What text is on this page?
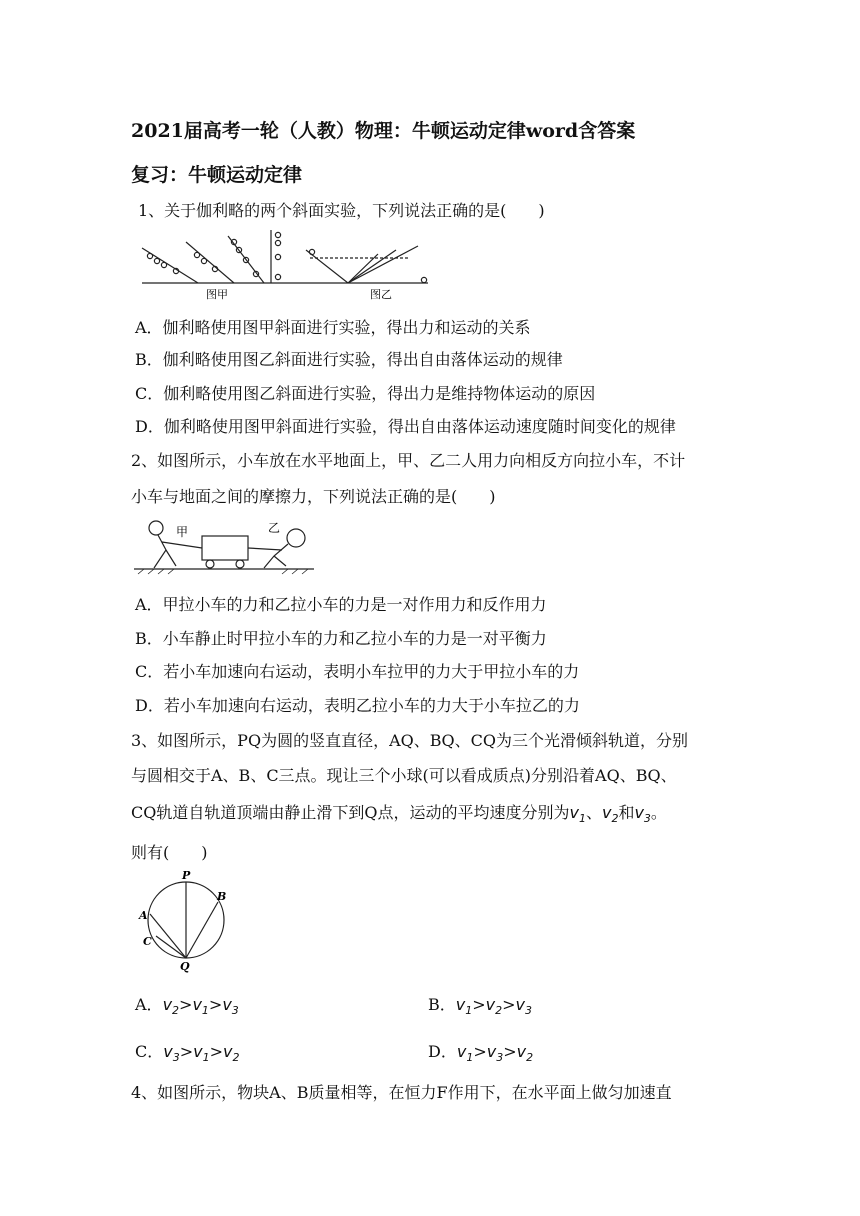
2021届高考一轮（人教）物理：牛顿运动定律word含答案
复习：牛顿运动定律
1、关于伽利略的两个斜面实验，下列说法正确的是(　　)
图甲	图乙
A．伽利略使用图甲斜面进行实验，得出力和运动的关系
B．伽利略使用图乙斜面进行实验，得出自由落体运动的规律
C．伽利略使用图乙斜面进行实验，得出力是维持物体运动的原因
D．伽利略使用图甲斜面进行实验，得出自由落体运动速度随时间变化的规律
2、如图所示，小车放在水平地面上，甲、乙二人用力向相反方向拉小车，不计
小车与地面之间的摩擦力，下列说法正确的是(　　)
甲	乙
A．甲拉小车的力和乙拉小车的力是一对作用力和反作用力
B．小车静止时甲拉小车的力和乙拉小车的力是一对平衡力
C．若小车加速向右运动，表明小车拉甲的力大于甲拉小车的力
D．若小车加速向右运动，表明乙拉小车的力大于小车拉乙的力
3、如图所示，PQ为圆的竖直直径，AQ、BQ、CQ为三个光滑倾斜轨道，分别
与圆相交于A、B、C三点。现让三个小球(可以看成质点)分别沿着AQ、BQ、
CQ轨道自轨道顶端由静止滑下到Q点，运动的平均速度分别为$v_1$、$v_2$和$v_3$。
则有(　　)
P
B
A
C
Q
A．$v_2>v_1>v_3$	B．$v_1>v_2>v_3$
C．$v_3>v_1>v_2$	D．$v_1>v_3>v_2$
4、如图所示，物块A、B质量相等，在恒力F作用下，在水平面上做匀加速直
